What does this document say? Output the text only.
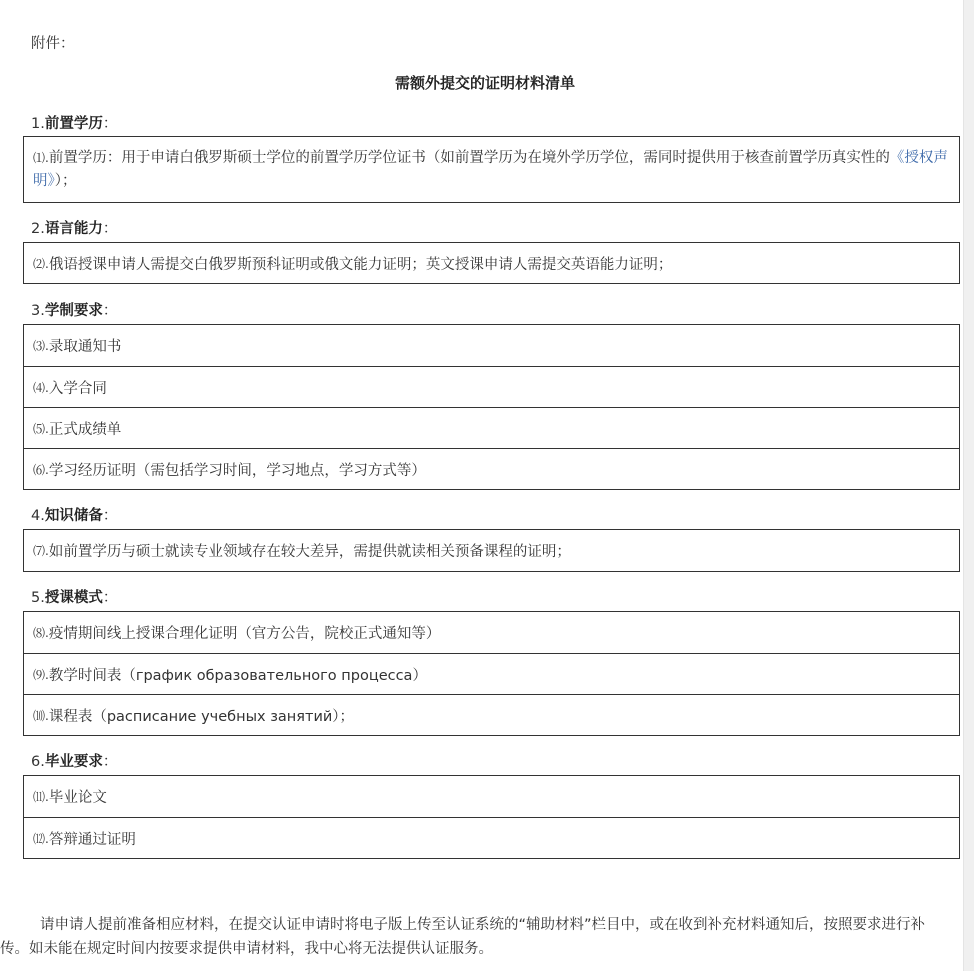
附件：
需额外提交的证明材料清单
1.前置学历：
⑴.前置学历：用于申请白俄罗斯硕士学位的前置学历学位证书（如前置学历为在境外学历学位，需同时提供用于核查前置学历真实性的《授权声明》）；
2.语言能力：
⑵. 俄语授课申请人需提交白俄罗斯预科证明或俄文能力证明；英文授课申请人需提交英语能力证明；
3.学制要求：
⑶. 录取通知书
⑷. 入学合同
⑸. 正式成绩单
⑹. 学习经历证明（需包括学习时间，学习地点，学习方式等）
4.知识储备：
⑺. 如前置学历与硕士就读专业领域存在较大差异，需提供就读相关预备课程的证明；
5.授课模式：
⑻. 疫情期间线上授课合理化证明（官方公告，院校正式通知等）
⑼. 教学时间表（график образовательного процесса）
⑽. 课程表（расписание учебных занятий）；
6.毕业要求：
⑾. 毕业论文
⑿. 答辩通过证明
请申请人提前准备相应材料，在提交认证申请时将电子版上传至认证系统的“辅助材料”栏目中，或在收到补充材料通知后，按照要求进行补传。如未能在规定时间内按要求提供申请材料，我中心将无法提供认证服务。
